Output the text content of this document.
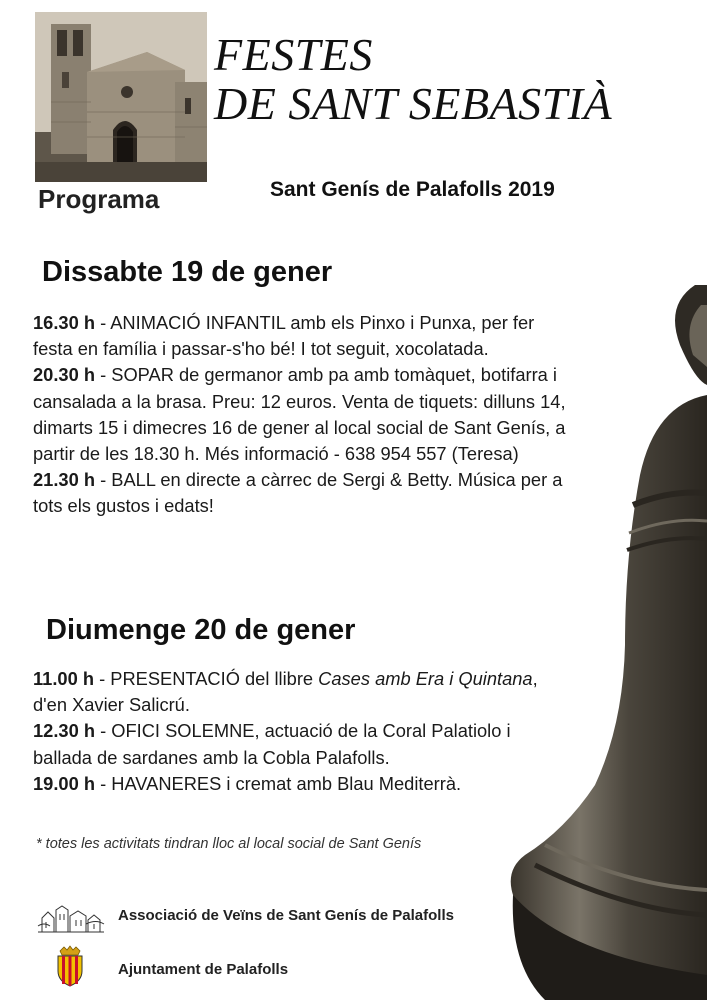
FESTES
DE SANT SEBASTIÀ
Programa	Sant Genís de Palafolls 2019
Dissabte 19 de gener

16.30 h - ANIMACIÓ INFANTIL amb els Pinxo i Punxa, per fer festa en família i passar-s'ho bé! I tot seguit, xocolatada.

20.30 h - SOPAR de germanor amb pa amb tomàquet, botifarra i cansalada a la brasa. Preu: 12 euros. Venta de tiquets: dilluns 14, dimarts 15 i dimecres 16 de gener al local social de Sant Genís, a partir de les 18.30 h. Més informació - 638 954 557 (Teresa)

21.30 h - BALL en directe a càrrec de Sergi & Betty. Música per a tots els gustos i edats!

Diumenge 20 de gener

11.00 h - PRESENTACIÓ del llibre Cases amb Era i Quintana, d'en Xavier Salicrú.

12.30 h - OFICI SOLEMNE, actuació de la Coral Palatiolo i ballada de sardanes amb la Cobla Palafolls.

19.00 h - HAVANERES i cremat amb Blau Mediterrà.

* totes les activitats tindran lloc al local social de Sant Genís
Associació de Veïns de Sant Genís de Palafolls
Ajuntament de Palafolls
